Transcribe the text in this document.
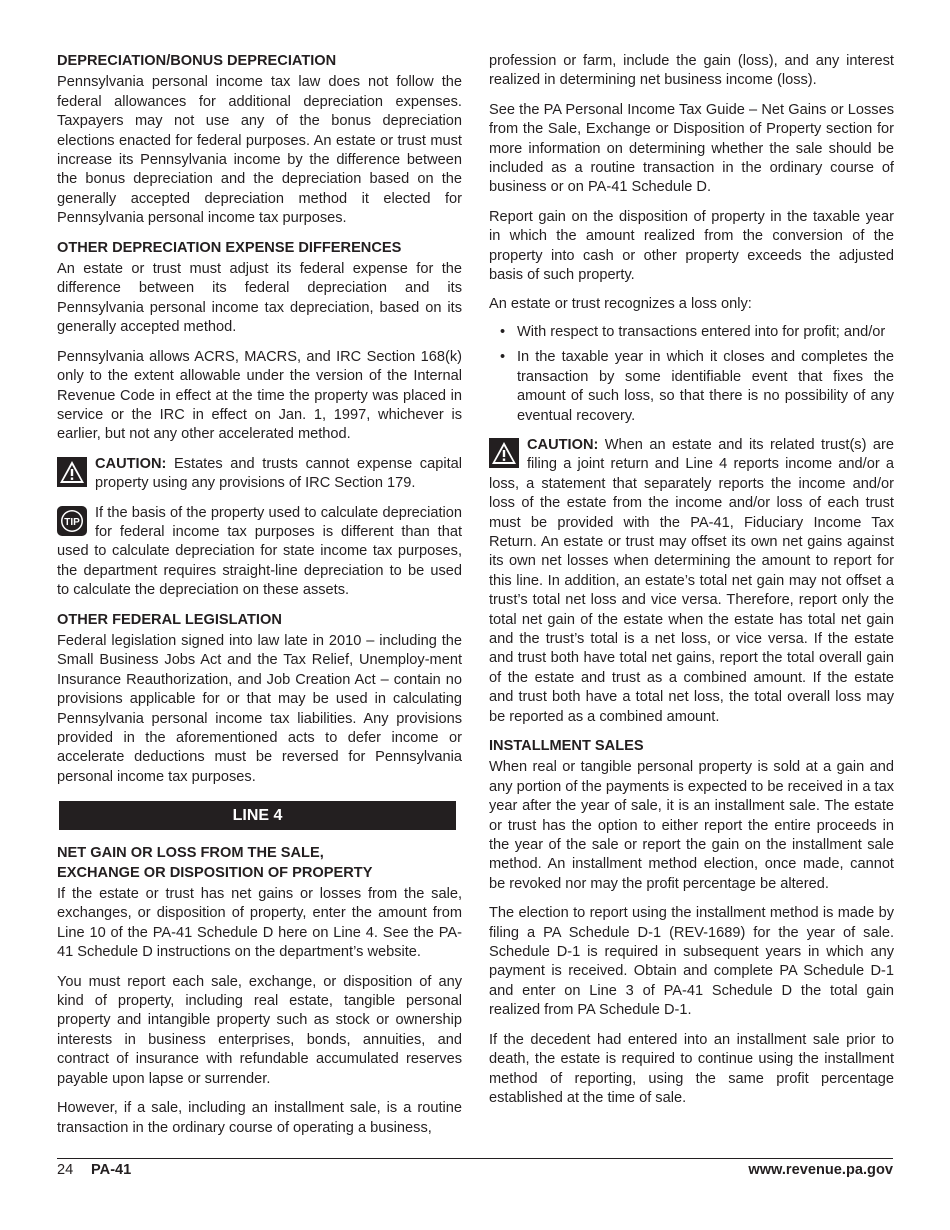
DEPRECIATION/BONUS DEPRECIATION

Pennsylvania personal income tax law does not follow the federal allowances for additional depreciation expenses. Taxpayers may not use any of the bonus depreciation elections enacted for federal purposes. An estate or trust must increase its Pennsylvania income by the difference between the bonus depreciation and the depreciation based on the generally accepted depreciation method it elected for Pennsylvania personal income tax purposes.

OTHER DEPRECIATION EXPENSE DIFFERENCES

An estate or trust must adjust its federal expense for the difference between its federal depreciation and its Pennsylvania personal income tax depreciation, based on its generally accepted method.

Pennsylvania allows ACRS, MACRS, and IRC Section 168(k) only to the extent allowable under the version of the Internal Revenue Code in effect at the time the property was placed in service or the IRC in effect on Jan. 1, 1997, whichever is earlier, but not any other accelerated method.

CAUTION: Estates and trusts cannot expense capital property using any provisions of IRC Section 179.

TIP

If the basis of the property used to calculate depreciation for federal income tax purposes is different than that used to calculate depreciation for state income tax purposes, the department requires straight-line depreciation to be used to calculate the depreciation on these assets.

OTHER FEDERAL LEGISLATION

Federal legislation signed into law late in 2010 – including the Small Business Jobs Act and the Tax Relief, Unemploy-ment Insurance Reauthorization, and Job Creation Act – contain no provisions applicable for or that may be used in calculating Pennsylvania personal income tax liabilities. Any provisions provided in the aforementioned acts to defer income or accelerate deductions must be reversed for Pennsylvania personal income tax purposes.

LINE 4
NET GAIN OR LOSS FROM THE SALE,
EXCHANGE OR DISPOSITION OF PROPERTY

If the estate or trust has net gains or losses from the sale, exchanges, or disposition of property, enter the amount from Line 10 of the PA-41 Schedule D here on Line 4. See the PA-41 Schedule D instructions on the department’s website.

You must report each sale, exchange, or disposition of any kind of property, including real estate, tangible personal property and intangible property such as stock or ownership interests in business enterprises, bonds, annuities, and contract of insurance with refundable accumulated reserves payable upon lapse or surrender.

However, if a sale, including an installment sale, is a routine transaction in the ordinary course of operating a business,

profession or farm, include the gain (loss), and any interest realized in determining net business income (loss).

See the PA Personal Income Tax Guide – Net Gains or Losses from the Sale, Exchange or Disposition of Property section for more information on determining whether the sale should be included as a routine transaction in the ordinary course of business or on PA-41 Schedule D.

Report gain on the disposition of property in the taxable year in which the amount realized from the conversion of the property into cash or other property exceeds the adjusted basis of such property.

An estate or trust recognizes a loss only:

• With respect to transactions entered into for profit; and/or
• In the taxable year in which it closes and completes the transaction by some identifiable event that fixes the amount of such loss, so that there is no possibility of any eventual recovery.

CAUTION: When an estate and its related trust(s) are filing a joint return and Line 4 reports income and/or a loss, a statement that separately reports the income and/or loss of the estate from the income and/or loss of each trust must be provided with the PA-41, Fiduciary Income Tax Return. An estate or trust may offset its own net gains against its own net losses when determining the amount to report for this line. In addition, an estate’s total net gain may not offset a trust’s total net loss and vice versa. Therefore, report only the total net gain of the estate when the estate has total net gain and the trust’s total is a net loss, or vice versa. If the estate and trust both have total net gains, report the total overall gain of the estate and trust as a combined amount. If the estate and trust both have a total net loss, the total overall loss may be reported as a combined amount.

INSTALLMENT SALES

When real or tangible personal property is sold at a gain and any portion of the payments is expected to be received in a tax year after the year of sale, it is an installment sale. The estate or trust has the option to either report the entire proceeds in the year of the sale or report the gain on the installment sale method. An installment method election, once made, cannot be revoked nor may the profit percentage be altered.

The election to report using the installment method is made by filing a PA Schedule D-1 (REV-1689) for the year of sale. Schedule D-1 is required in subsequent years in which any payment is received. Obtain and complete PA Schedule D-1 and enter on Line 3 of PA-41 Schedule D the total gain realized from PA Schedule D-1.

If the decedent had entered into an installment sale prior to death, the estate is required to continue using the installment method of reporting, using the same profit percentage established at the time of sale.

24 PA-41	www.revenue.pa.gov
